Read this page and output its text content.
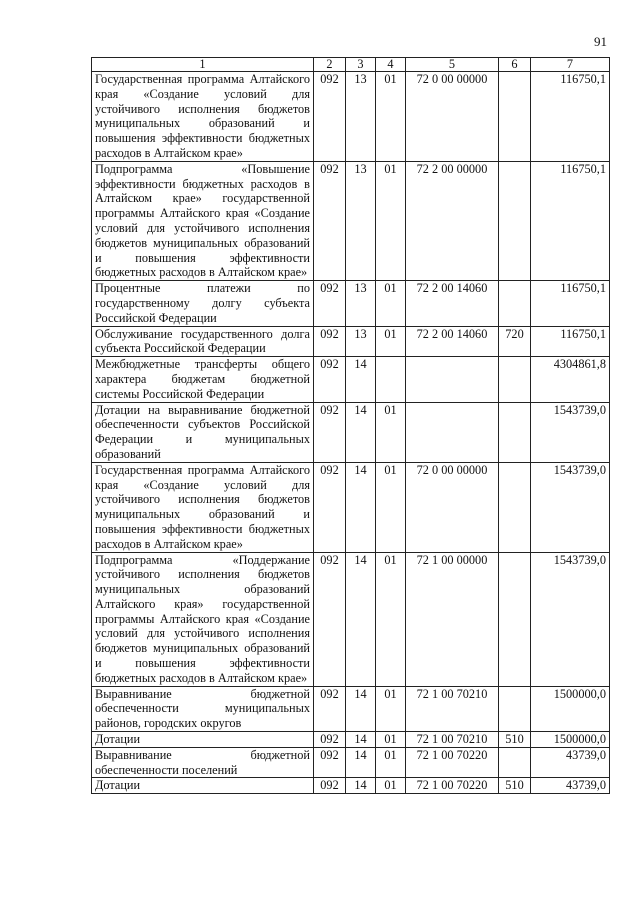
91
1	2	3	4	5	6	7
Государственная программа Алтайского края «Создание условий для устойчивого исполнения бюджетов муниципальных образований и повышения эффективности бюджетных расходов в Алтайском крае»	092	13	01	72 0 00 00000		116750,1
Подпрограмма «Повышение эффективности бюджетных расходов в Алтайском крае» государственной программы Алтайского края «Создание условий для устойчивого исполнения бюджетов муниципальных образований и повышения эффективности бюджетных расходов в Алтайском крае»	092	13	01	72 2 00 00000		116750,1
Процентные платежи по государственному долгу субъекта Российской Федерации	092	13	01	72 2 00 14060		116750,1
Обслуживание государственного долга субъекта Российской Федерации	092	13	01	72 2 00 14060	720	116750,1
Межбюджетные трансферты общего характера бюджетам бюджетной системы Российской Федерации	092	14				4304861,8
Дотации на выравнивание бюджетной обеспеченности субъектов Российской Федерации и муниципальных образований	092	14	01			1543739,0
Государственная программа Алтайского края «Создание условий для устойчивого исполнения бюджетов муниципальных образований и повышения эффективности бюджетных расходов в Алтайском крае»	092	14	01	72 0 00 00000		1543739,0
Подпрограмма «Поддержание устойчивого исполнения бюджетов муниципальных образований Алтайского края» государственной программы Алтайского края «Создание условий для устойчивого исполнения бюджетов муниципальных образований и повышения эффективности бюджетных расходов в Алтайском крае»	092	14	01	72 1 00 00000		1543739,0
Выравнивание бюджетной обеспеченности муниципальных районов, городских округов	092	14	01	72 1 00 70210		1500000,0
Дотации	092	14	01	72 1 00 70210	510	1500000,0
Выравнивание бюджетной обеспеченности поселений	092	14	01	72 1 00 70220		43739,0
Дотации	092	14	01	72 1 00 70220	510	43739,0
